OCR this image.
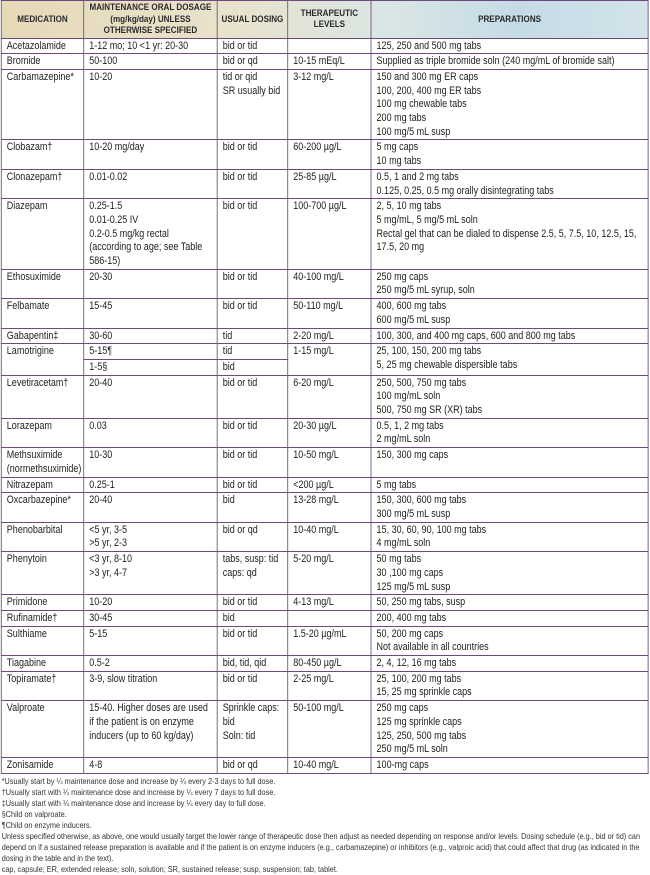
MEDICATION	MAINTENANCE ORAL DOSAGE (mg/kg/day) UNLESS OTHERWISE SPECIFIED	USUAL DOSING	THERAPEUTIC LEVELS	PREPARATIONS
Acetazolamide	1-12 mo; 10 <1 yr: 20-30	bid or tid		125, 250 and 500 mg tabs
Bromide	50-100	bid or qd	10-15 mEq/L	Supplied as triple bromide soln (240 mg/mL of bromide salt)
Carbamazepine*	10-20	tid or qid
SR usually bid	3-12 mg/L	150 and 300 mg ER caps
100, 200, 400 mg ER tabs
100 mg chewable tabs
200 mg tabs
100 mg/5 mL susp
Clobazam†	10-20 mg/day	bid or tid	60-200 µg/L	5 mg caps
10 mg tabs
Clonazepam†	0.01-0.02	bid or tid	25-85 µg/L	0.5, 1 and 2 mg tabs
0.125, 0.25, 0.5 mg orally disintegrating tabs
Diazepam	0.25-1.5
0.01-0.25 IV
0.2-0.5 mg/kg rectal (according to age; see Table 586-15)	bid or tid	100-700 µg/L	2, 5, 10 mg tabs
5 mg/mL, 5 mg/5 mL soln
Rectal gel that can be dialed to dispense 2.5, 5, 7.5, 10, 12.5, 15, 17.5, 20 mg
Ethosuximide	20-30	bid or tid	40-100 mg/L	250 mg caps
250 mg/5 mL syrup, soln
Felbamate	15-45	bid or tid	50-110 mg/L	400, 600 mg tabs
600 mg/5 mL susp
Gabapentin‡	30-60	tid	2-20 mg/L	100, 300, and 400 mg caps, 600 and 800 mg tabs
Lamotrigine	5-15¶	tid	1-15 mg/L	25, 100, 150, 200 mg tabs
5, 25 mg chewable dispersible tabs
	1-5§	bid		
Levetiracetam†	20-40	bid or tid	6-20 mg/L	250, 500, 750 mg tabs
100 mg/mL soln
500, 750 mg SR (XR) tabs
Lorazepam	0.03	bid or tid	20-30 µg/L	0.5, 1, 2 mg tabs
2 mg/mL soln
Methsuximide
(normethsuximide)	10-30	bid or tid	10-50 mg/L	150, 300 mg caps
Nitrazepam	0.25-1	bid or tid	<200 µg/L	5 mg tabs
Oxcarbazepine*	20-40	bid	13-28 mg/L	150, 300, 600 mg tabs
300 mg/5 mL susp
Phenobarbital	<5 yr, 3-5
>5 yr, 2-3	bid or qd	10-40 mg/L	15, 30, 60, 90, 100 mg tabs
4 mg/mL soln
Phenytoin	<3 yr, 8-10
>3 yr, 4-7	tabs, susp: tid
caps: qd	5-20 mg/L	50 mg tabs
30 ,100 mg caps
125 mg/5 mL susp
Primidone	10-20	bid or tid	4-13 mg/L	50, 250 mg tabs, susp
Rufinamide†	30-45	bid		200, 400 mg tabs
Sulthiame	5-15	bid or tid	1.5-20 µg/mL	50, 200 mg caps
Not available in all countries
Tiagabine	0.5-2	bid, tid, qid	80-450 µg/L	2, 4, 12, 16 mg tabs
Topiramate†	3-9, slow titration	bid or tid	2-25 mg/L	25, 100, 200 mg tabs
15, 25 mg sprinkle caps
Valproate	15-40. Higher doses are used if the patient is on enzyme inducers (up to 60 kg/day)	Sprinkle caps: bid
Soln: tid	50-100 mg/L	250 mg caps
125 mg sprinkle caps
125, 250, 500 mg tabs
250 mg/5 mL soln
Zonisamide	4-8	bid or qd	10-40 mg/L	100-mg caps
*Usually start by ¼ maintenance dose and increase by ¼ every 2-3 days to full dose.
†Usually start with ¼ maintenance dose and increase by ¼ every 7 days to full dose.
‡Usually start with ¼ maintenance dose and increase by ¼ every day to full dose.
§Child on valproate.
¶Child on enzyme inducers.
Unless specified otherwise, as above, one would usually target the lower range of therapeutic dose then adjust as needed depending on response and/or levels. Dosing schedule (e.g., bid or tid) can depend on if a sustained release preparation is available and if the patient is on enzyme inducers (e.g., carbamazepine) or inhibitors (e.g., valproic acid) that could affect that drug (as indicated in the dosing in the table and in the text).
cap, capsule; ER, extended release; soln, solution; SR, sustained release; susp, suspension; tab, tablet.
